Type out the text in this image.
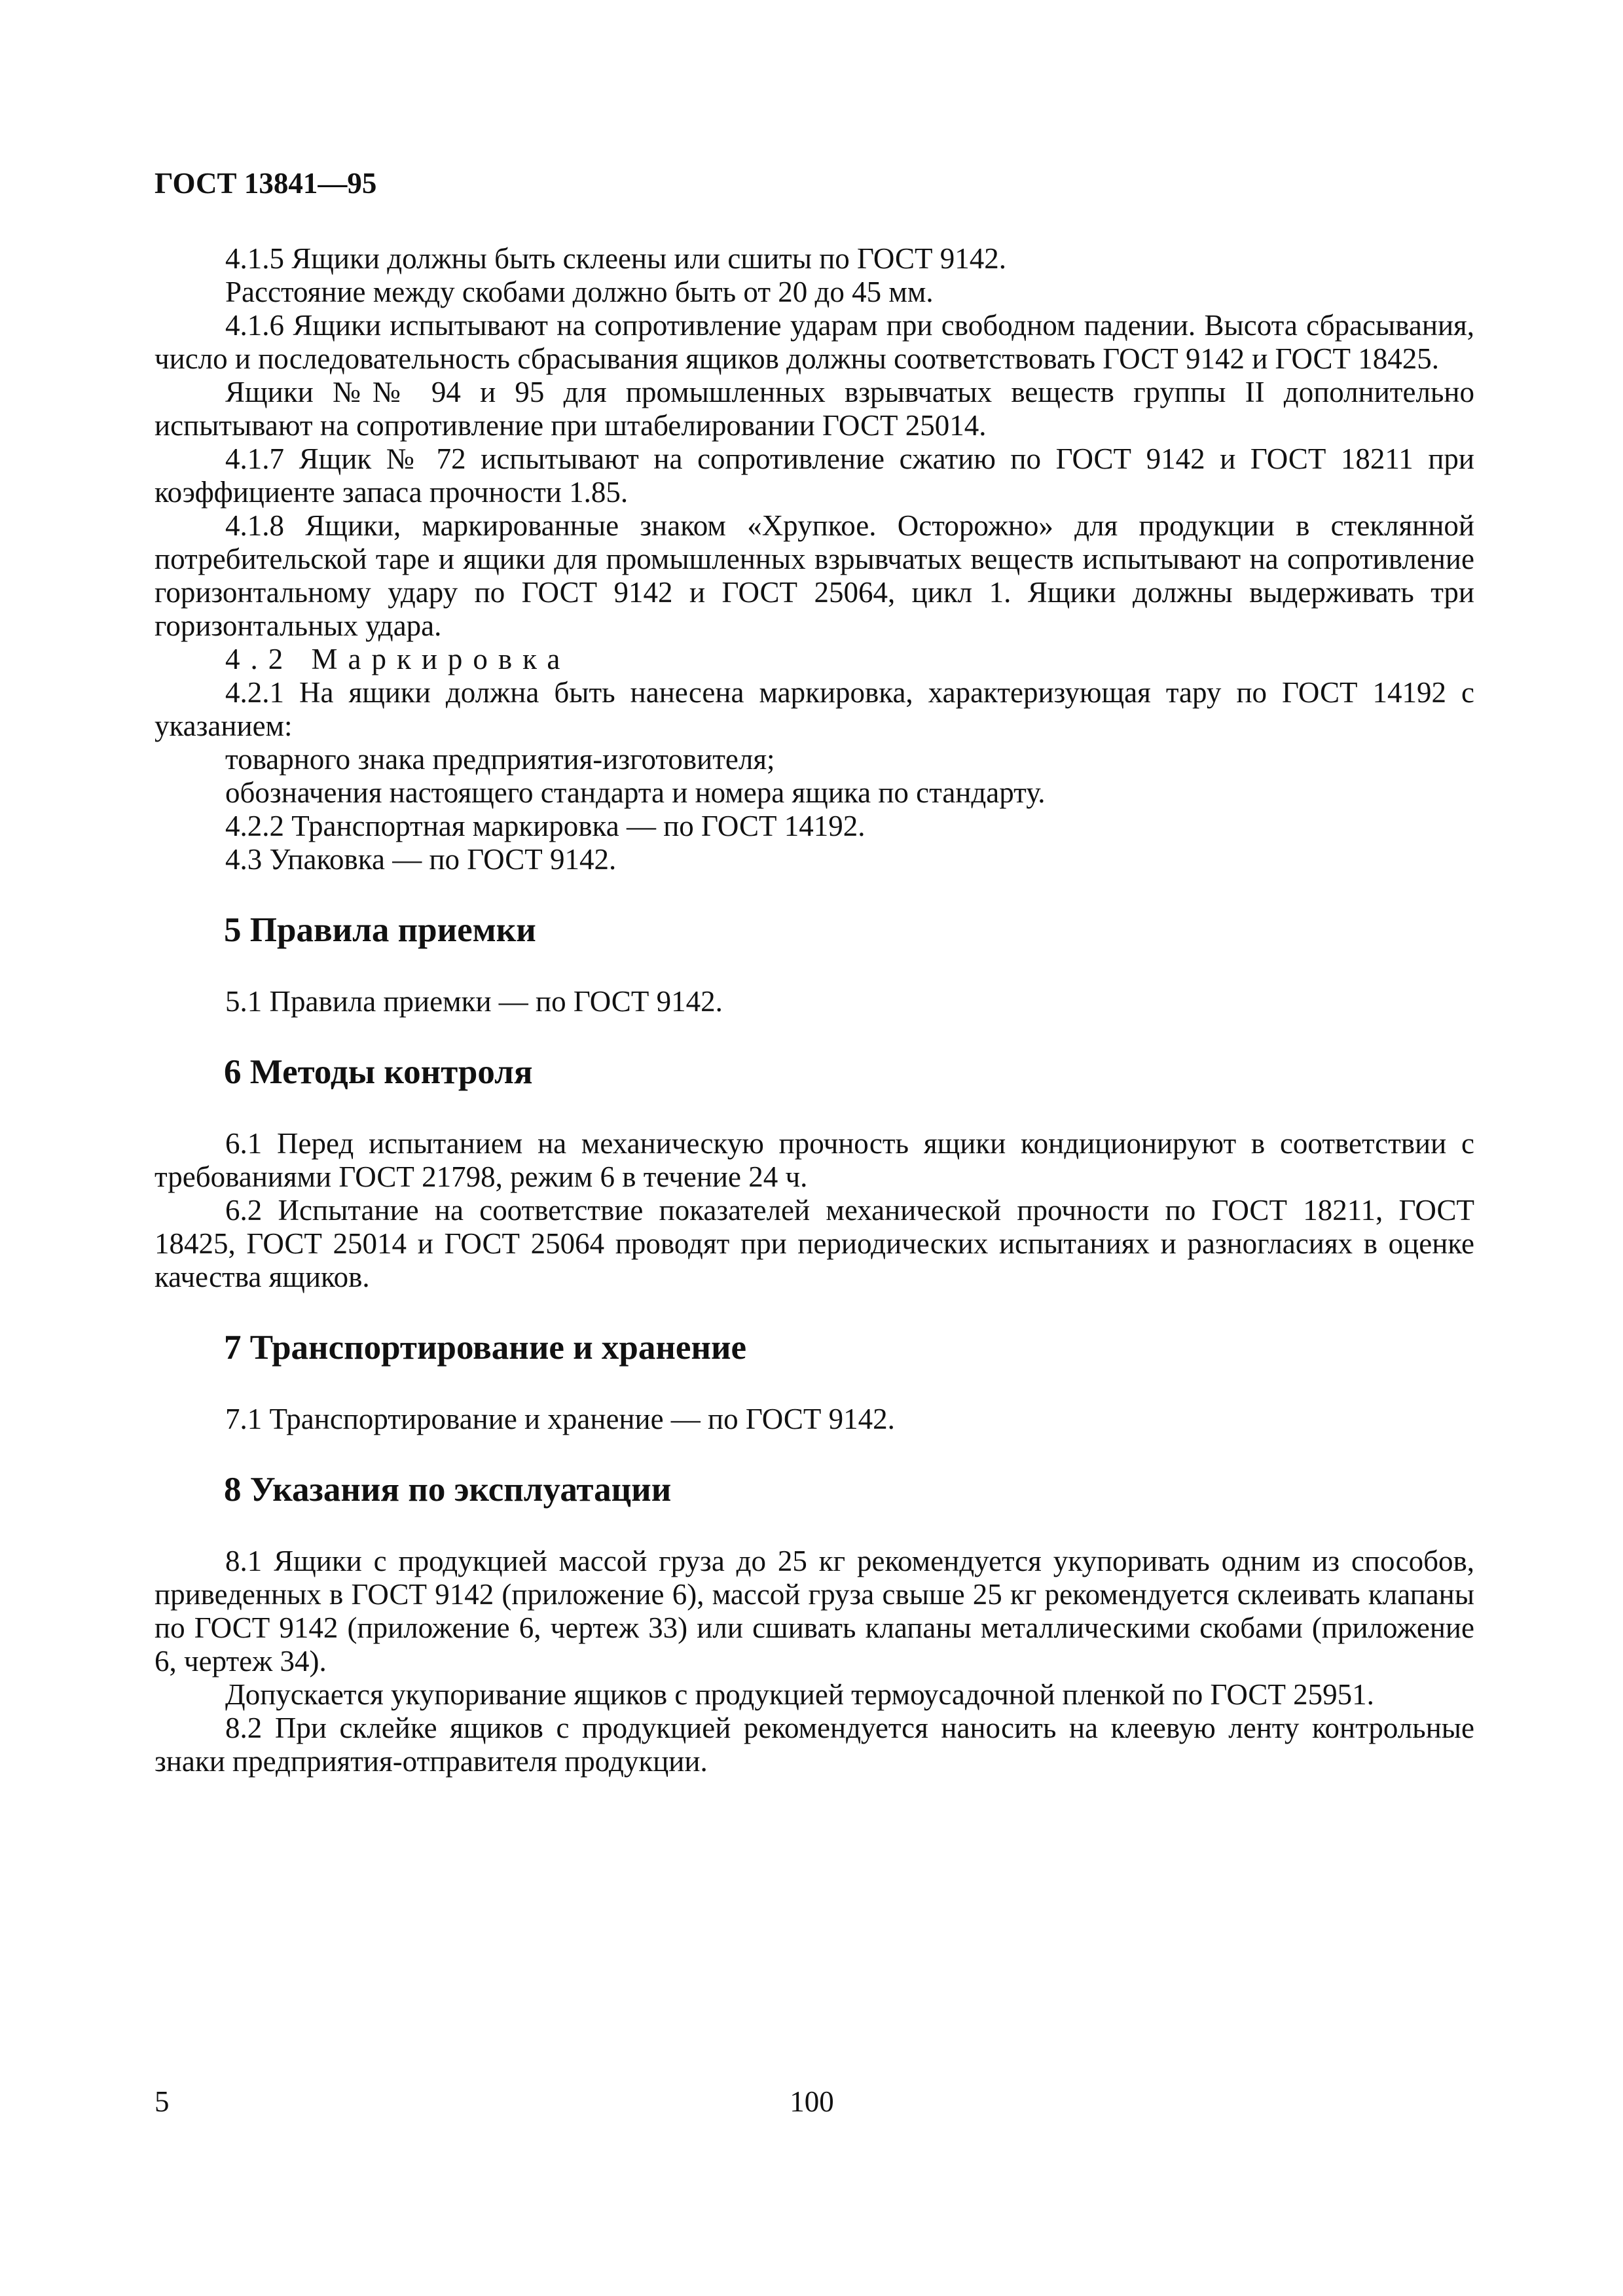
ГОСТ 13841—95

4.1.5 Ящики должны быть склеены или сшиты по ГОСТ 9142.

Расстояние между скобами должно быть от 20 до 45 мм.

4.1.6 Ящики испытывают на сопротивление ударам при свободном падении. Высота сбрасывания, число и последовательность сбрасывания ящиков должны соответствовать ГОСТ 9142 и ГОСТ 18425.

Ящики №№ 94 и 95 для промышленных взрывчатых веществ группы II дополнительно испытывают на сопротивление при штабелировании ГОСТ 25014.

4.1.7 Ящик № 72 испытывают на сопротивление сжатию по ГОСТ 9142 и ГОСТ 18211 при коэффициенте запаса прочности 1.85.

4.1.8 Ящики, маркированные знаком «Хрупкое. Осторожно» для продукции в стеклянной потребительской таре и ящики для промышленных взрывчатых веществ испытывают на сопротивление горизонтальному удару по ГОСТ 9142 и ГОСТ 25064, цикл 1. Ящики должны выдерживать три горизонтальных удара.

4.2 Маркировка

4.2.1 На ящики должна быть нанесена маркировка, характеризующая тару по ГОСТ 14192 с указанием:

товарного знака предприятия-изготовителя;

обозначения настоящего стандарта и номера ящика по стандарту.

4.2.2 Транспортная маркировка — по ГОСТ 14192.

4.3 Упаковка — по ГОСТ 9142.

5 Правила приемки

5.1 Правила приемки — по ГОСТ 9142.

6 Методы контроля

6.1 Перед испытанием на механическую прочность ящики кондиционируют в соответствии с требованиями ГОСТ 21798, режим 6 в течение 24 ч.

6.2 Испытание на соответствие показателей механической прочности по ГОСТ 18211, ГОСТ 18425, ГОСТ 25014 и ГОСТ 25064 проводят при периодических испытаниях и разногласиях в оценке качества ящиков.

7 Транспортирование и хранение

7.1 Транспортирование и хранение — по ГОСТ 9142.

8 Указания по эксплуатации

8.1 Ящики с продукцией массой груза до 25 кг рекомендуется укупоривать одним из способов, приведенных в ГОСТ 9142 (приложение 6), массой груза свыше 25 кг рекомендуется склеивать клапаны по ГОСТ 9142 (приложение 6, чертеж 33) или сшивать клапаны металлическими скобами (приложение 6, чертеж 34).

Допускается укупоривание ящиков с продукцией термоусадочной пленкой по ГОСТ 25951.

8.2 При склейке ящиков с продукцией рекомендуется наносить на клеевую ленту контрольные знаки предприятия-отправителя продукции.

5	100
